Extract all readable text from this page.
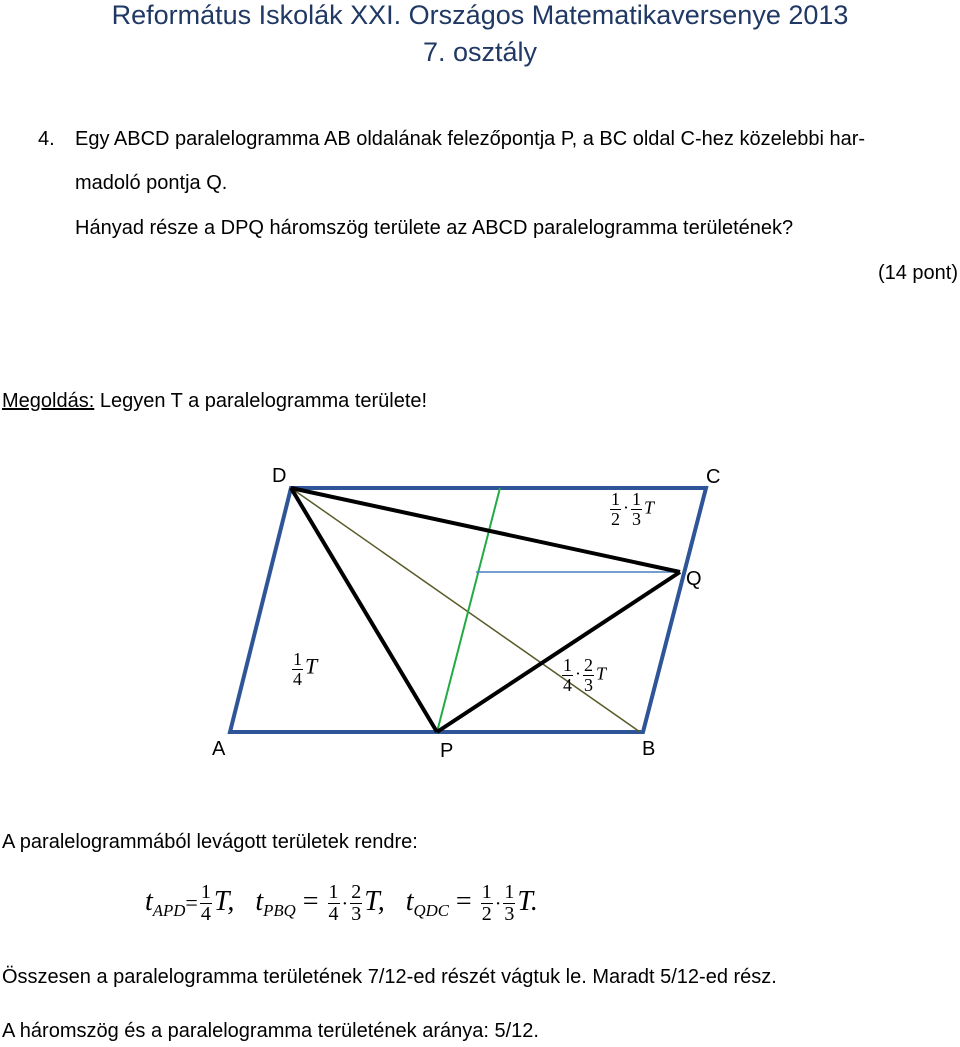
Református Iskolák XXI. Országos Matematikaversenye 2013
7. osztály
4. Egy ABCD paralelogramma AB oldalának felezőpontja P, a BC oldal C-hez közelebbi har-
madoló pontja Q.
Hányad része a DPQ háromszög területe az ABCD paralelogramma területének?
(14 pont)
Megoldás: Legyen T a paralelogramma területe!
D	C
Q
A	P	B
$\frac{1}{2} \cdot \frac{1}{3}$ T
$\frac{1}{4}$ T	$\frac{1}{4} \cdot \frac{2}{3}$ T
A paralelogrammából levágott területek rendre:
$t_{APD}= \frac{1}{4} T$,   $t_{PBQ} = \frac{1}{4} \cdot \frac{2}{3} T$,   $t_{QDC} = \frac{1}{2} \cdot \frac{1}{3} T$.
Összesen a paralelogramma területének 7/12-ed részét vágtuk le. Maradt 5/12-ed rész.
A háromszög és a paralelogramma területének aránya: 5/12.
